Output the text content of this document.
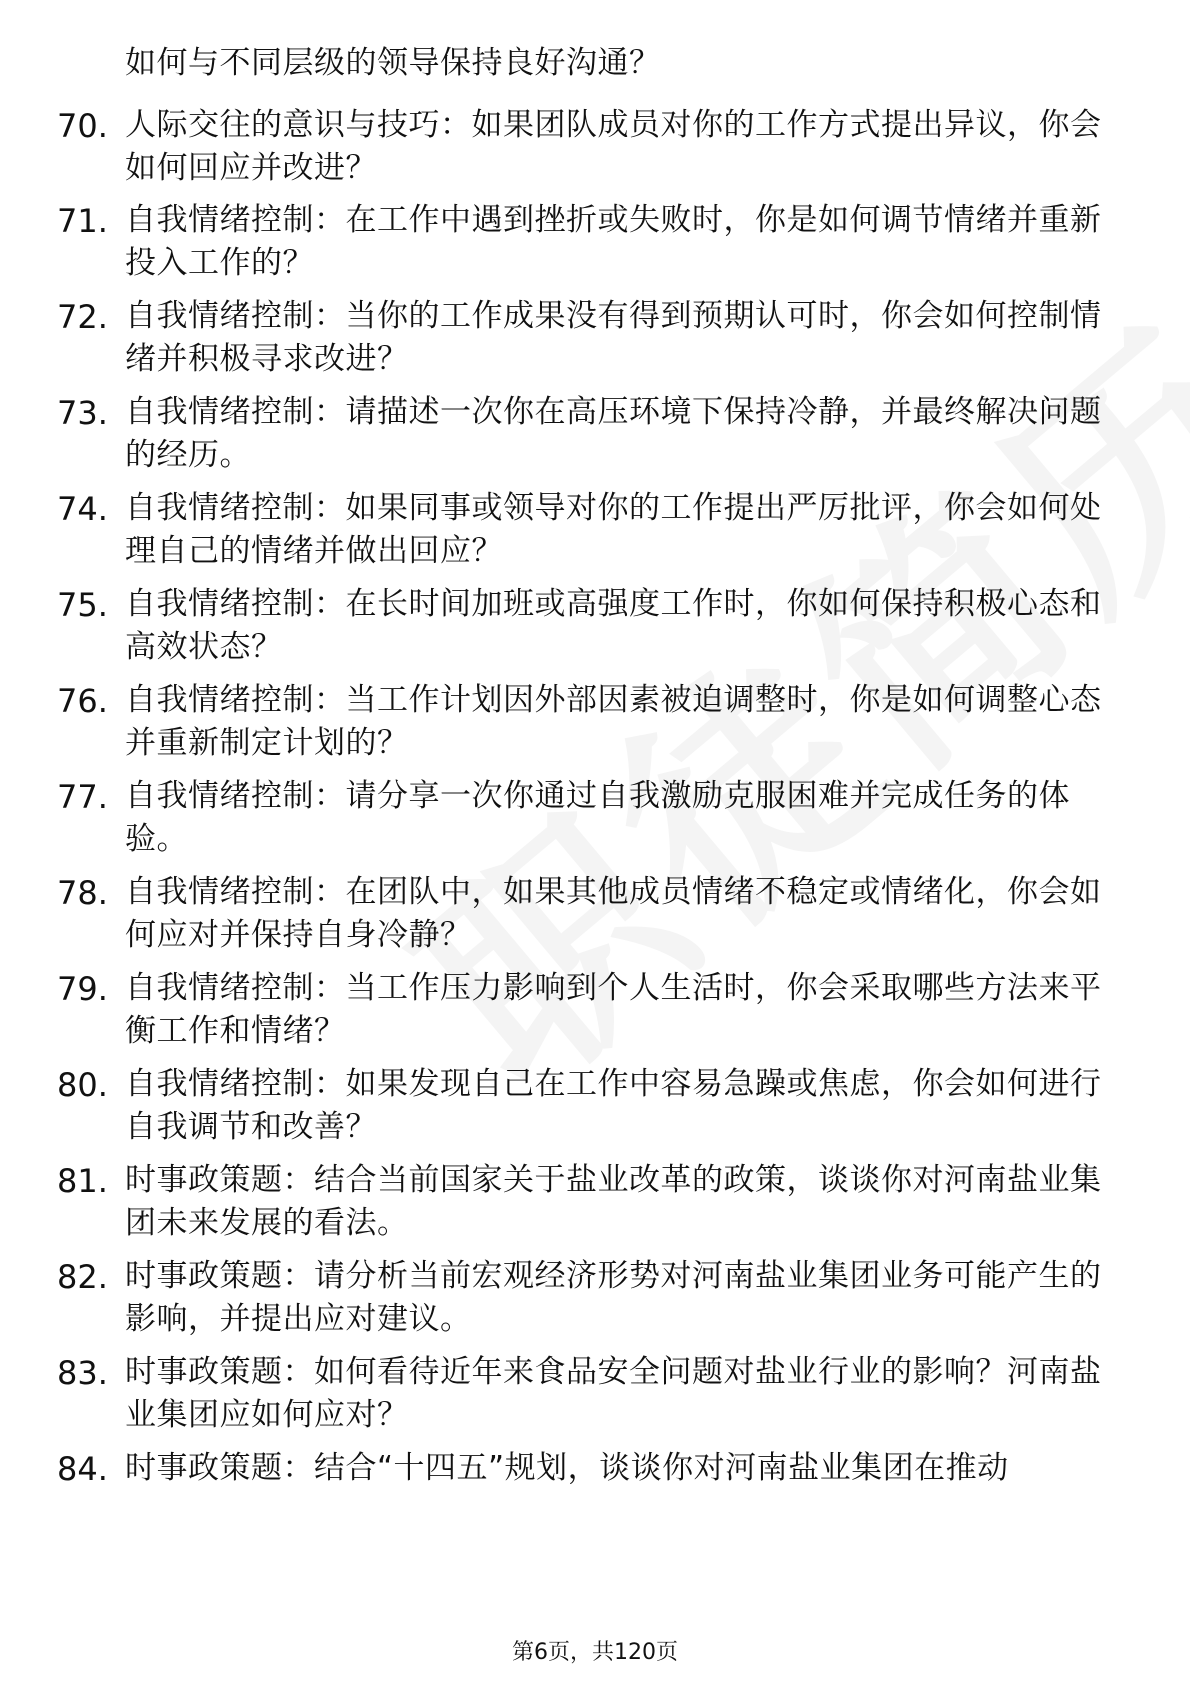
如何与不同层级的领导保持良好沟通？
70. 人际交往的意识与技巧：如果团队成员对你的工作方式提出异议，你会如何回应并改进？
71. 自我情绪控制：在工作中遇到挫折或失败时，你是如何调节情绪并重新投入工作的？
72. 自我情绪控制：当你的工作成果没有得到预期认可时，你会如何控制情绪并积极寻求改进？
73. 自我情绪控制：请描述一次你在高压环境下保持冷静，并最终解决问题的经历。
74. 自我情绪控制：如果同事或领导对你的工作提出严厉批评，你会如何处理自己的情绪并做出回应？
75. 自我情绪控制：在长时间加班或高强度工作时，你如何保持积极心态和高效状态？
76. 自我情绪控制：当工作计划因外部因素被迫调整时，你是如何调整心态并重新制定计划的？
77. 自我情绪控制：请分享一次你通过自我激励克服困难并完成任务的体验。
78. 自我情绪控制：在团队中，如果其他成员情绪不稳定或情绪化，你会如何应对并保持自身冷静？
79. 自我情绪控制：当工作压力影响到个人生活时，你会采取哪些方法来平衡工作和情绪？
80. 自我情绪控制：如果发现自己在工作中容易急躁或焦虑，你会如何进行自我调节和改善？
81. 时事政策题：结合当前国家关于盐业改革的政策，谈谈你对河南盐业集团未来发展的看法。
82. 时事政策题：请分析当前宏观经济形势对河南盐业集团业务可能产生的影响，并提出应对建议。
83. 时事政策题：如何看待近年来食品安全问题对盐业行业的影响？河南盐业集团应如何应对？
84. 时事政策题：结合“十四五”规划，谈谈你对河南盐业集团在推动
第6页，共120页
